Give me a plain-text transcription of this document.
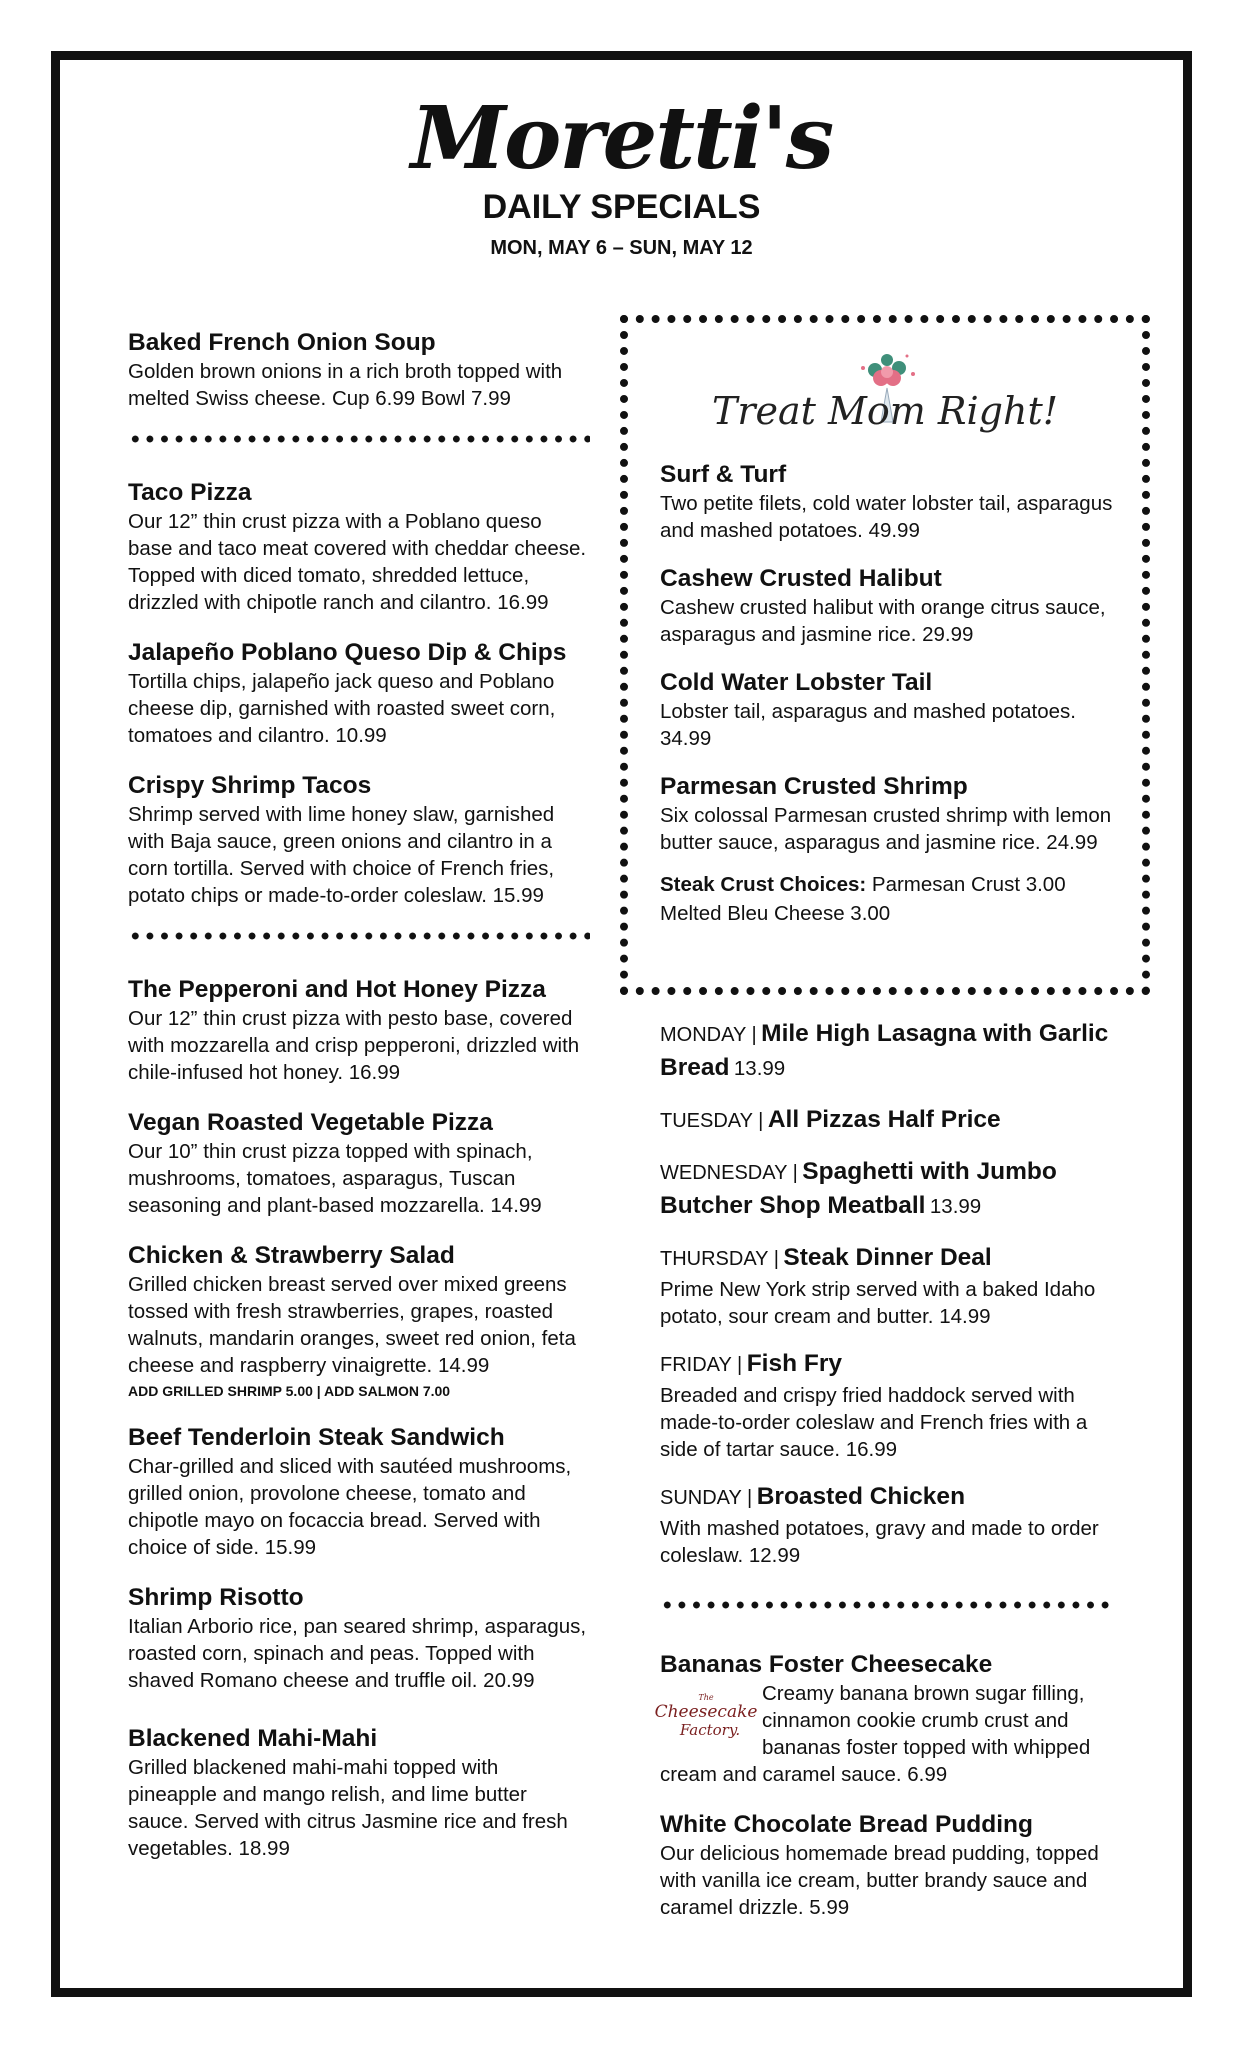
Moretti's
DAILY SPECIALS
MON, MAY 6 – SUN, MAY 12
Baked French Onion Soup

Golden brown onions in a rich broth topped with melted Swiss cheese. Cup 6.99 Bowl 7.99

Taco Pizza

Our 12” thin crust pizza with a Poblano queso base and taco meat covered with cheddar cheese. Topped with diced tomato, shredded lettuce, drizzled with chipotle ranch and cilantro. 16.99

Jalapeño Poblano Queso Dip & Chips

Tortilla chips, jalapeño jack queso and Poblano cheese dip, garnished with roasted sweet corn, tomatoes and cilantro. 10.99

Crispy Shrimp Tacos

Shrimp served with lime honey slaw, garnished with Baja sauce, green onions and cilantro in a corn tortilla. Served with choice of French fries, potato chips or made-to-order coleslaw. 15.99

The Pepperoni and Hot Honey Pizza

Our 12” thin crust pizza with pesto base, covered with mozzarella and crisp pepperoni, drizzled with chile-infused hot honey. 16.99

Vegan Roasted Vegetable Pizza

Our 10” thin crust pizza topped with spinach, mushrooms, tomatoes, asparagus, Tuscan seasoning and plant-based mozzarella. 14.99

Chicken & Strawberry Salad

Grilled chicken breast served over mixed greens tossed with fresh strawberries, grapes, roasted walnuts, mandarin oranges, sweet red onion, feta cheese and raspberry vinaigrette. 14.99

ADD GRILLED SHRIMP 5.00 | ADD SALMON 7.00
Beef Tenderloin Steak Sandwich

Char-grilled and sliced with sautéed mushrooms, grilled onion, provolone cheese, tomato and chipotle mayo on focaccia bread. Served with choice of side. 15.99

Shrimp Risotto

Italian Arborio rice, pan seared shrimp, asparagus, roasted corn, spinach and peas. Topped with shaved Romano cheese and truffle oil. 20.99

Blackened Mahi-Mahi

Grilled blackened mahi-mahi topped with pineapple and mango relish, and lime butter sauce. Served with citrus Jasmine rice and fresh vegetables. 18.99

Treat Mom Right!
Surf & Turf

Two petite filets, cold water lobster tail, asparagus and mashed potatoes. 49.99

Cashew Crusted Halibut

Cashew crusted halibut with orange citrus sauce, asparagus and jasmine rice. 29.99

Cold Water Lobster Tail

Lobster tail, asparagus and mashed potatoes. 34.99

Parmesan Crusted Shrimp

Six colossal Parmesan crusted shrimp with lemon butter sauce, asparagus and jasmine rice. 24.99

Steak Crust Choices: Parmesan Crust 3.00
Melted Bleu Cheese 3.00
MONDAY | Mile High Lasagna with Garlic Bread 13.99
TUESDAY | All Pizzas Half Price
WEDNESDAY | Spaghetti with Jumbo Butcher Shop Meatball 13.99
THURSDAY | Steak Dinner Deal
Prime New York strip served with a baked Idaho potato, sour cream and butter. 14.99
FRIDAY | Fish Fry
Breaded and crispy fried haddock served with made-to-order coleslaw and French fries with a side of tartar sauce. 16.99
SUNDAY | Broasted Chicken
With mashed potatoes, gravy and made to order coleslaw. 12.99
Bananas Foster Cheesecake
The
Cheesecake
Factory.

Creamy banana brown sugar filling, cinnamon cookie crumb crust and bananas foster topped with whipped cream and caramel sauce. 6.99

White Chocolate Bread Pudding

Our delicious homemade bread pudding, topped with vanilla ice cream, butter brandy sauce and caramel drizzle. 5.99
